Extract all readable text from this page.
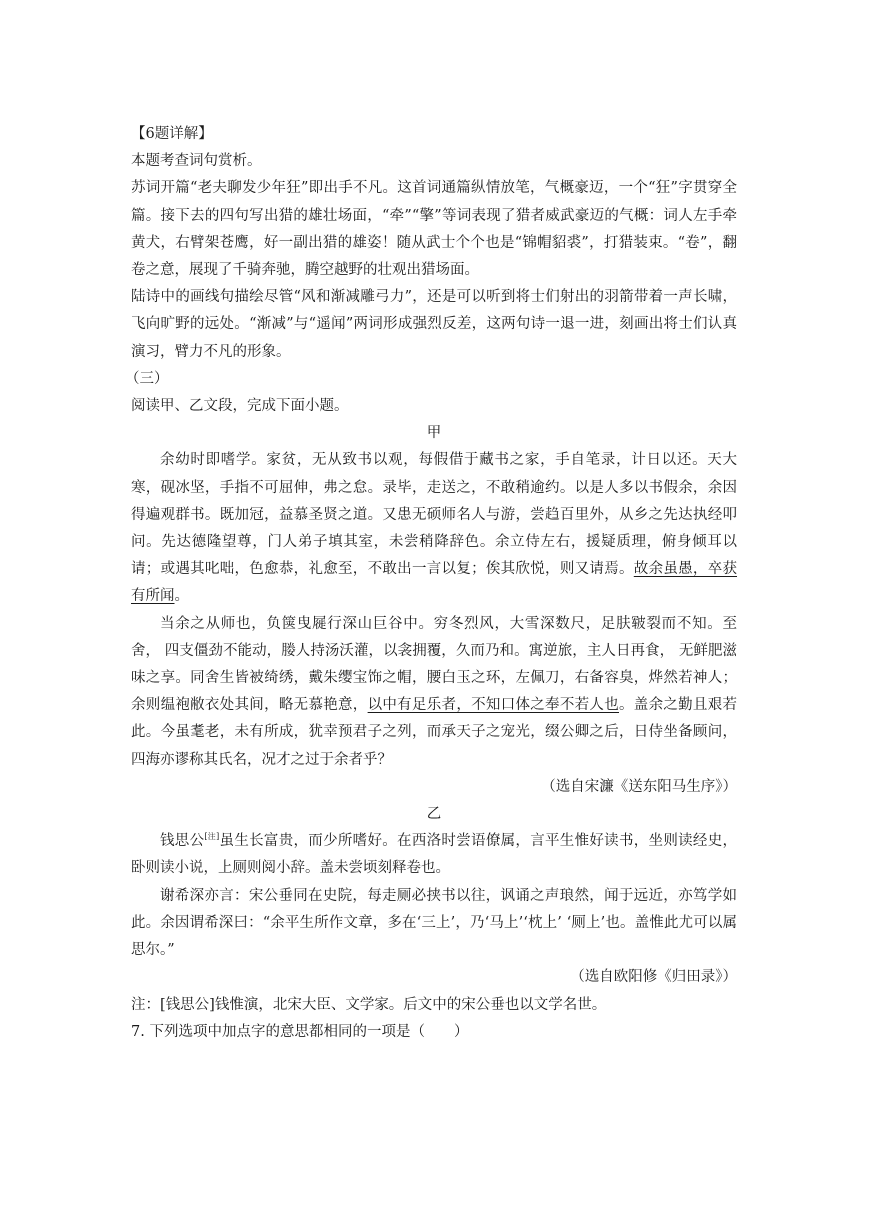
【6题详解】

本题考查词句赏析。

苏词开篇“老夫聊发少年狂”即出手不凡。这首词通篇纵情放笔，气概豪迈，一个“狂”字贯穿全篇。接下去的四句写出猎的雄壮场面，“牵”“擎”等词表现了猎者威武豪迈的气概：词人左手牵黄犬，右臂架苍鹰，好一副出猎的雄姿！随从武士个个也是“锦帽貂裘”，打猎装束。“卷”，翻卷之意，展现了千骑奔驰，腾空越野的壮观出猎场面。

陆诗中的画线句描绘尽管“风和渐减雕弓力”，还是可以听到将士们射出的羽箭带着一声长啸，飞向旷野的远处。“渐减”与“遥闻”两词形成强烈反差，这两句诗一退一进，刻画出将士们认真演习，臂力不凡的形象。

（三）

阅读甲、乙文段，完成下面小题。

甲

余幼时即嗜学。家贫，无从致书以观，每假借于藏书之家，手自笔录，计日以还。天大寒，砚冰坚，手指不可屈伸，弗之怠。录毕，走送之，不敢稍逾约。以是人多以书假余，余因得遍观群书。既加冠，益慕圣贤之道。又患无硕师名人与游，尝趋百里外，从乡之先达执经叩问。先达德隆望尊，门人弟子填其室，未尝稍降辞色。余立侍左右，援疑质理，俯身倾耳以请；或遇其叱咄，色愈恭，礼愈至，不敢出一言以复；俟其欣悦，则又请焉。故余虽愚，卒获有所闻。

当余之从师也，负箧曳屣行深山巨谷中。穷冬烈风，大雪深数尺，足肤皲裂而不知。至舍， 四支僵劲不能动，媵人持汤沃灌，以衾拥覆，久而乃和。寓逆旅，主人日再食， 无鲜肥滋味之享。同舍生皆被绮绣，戴朱缨宝饰之帽，腰白玉之环，左佩刀，右备容臭，烨然若神人；余则缊袍敝衣处其间，略无慕艳意，以中有足乐者，不知口体之奉不若人也。盖余之勤且艰若此。今虽耄老，未有所成，犹幸预君子之列，而承天子之宠光，缀公卿之后，日侍坐备顾问，四海亦谬称其氏名，况才之过于余者乎？

（选自宋濂《送东阳马生序》）

乙

钱思公[注]虽生长富贵，而少所嗜好。在西洛时尝语僚属，言平生惟好读书，坐则读经史，卧则读小说，上厕则阅小辞。盖未尝顷刻释卷也。

谢希深亦言：宋公垂同在史院，每走厕必挟书以往，讽诵之声琅然，闻于远近，亦笃学如此。余因谓希深曰：“余平生所作文章，多在‘三上’，乃‘马上’‘枕上’ ‘厕上’也。盖惟此尤可以属思尔。”

（选自欧阳修《归田录》）

注：[钱思公]钱惟演，北宋大臣、文学家。后文中的宋公垂也以文学名世。

7. 下列选项中加点字的意思都相同的一项是（　　）
